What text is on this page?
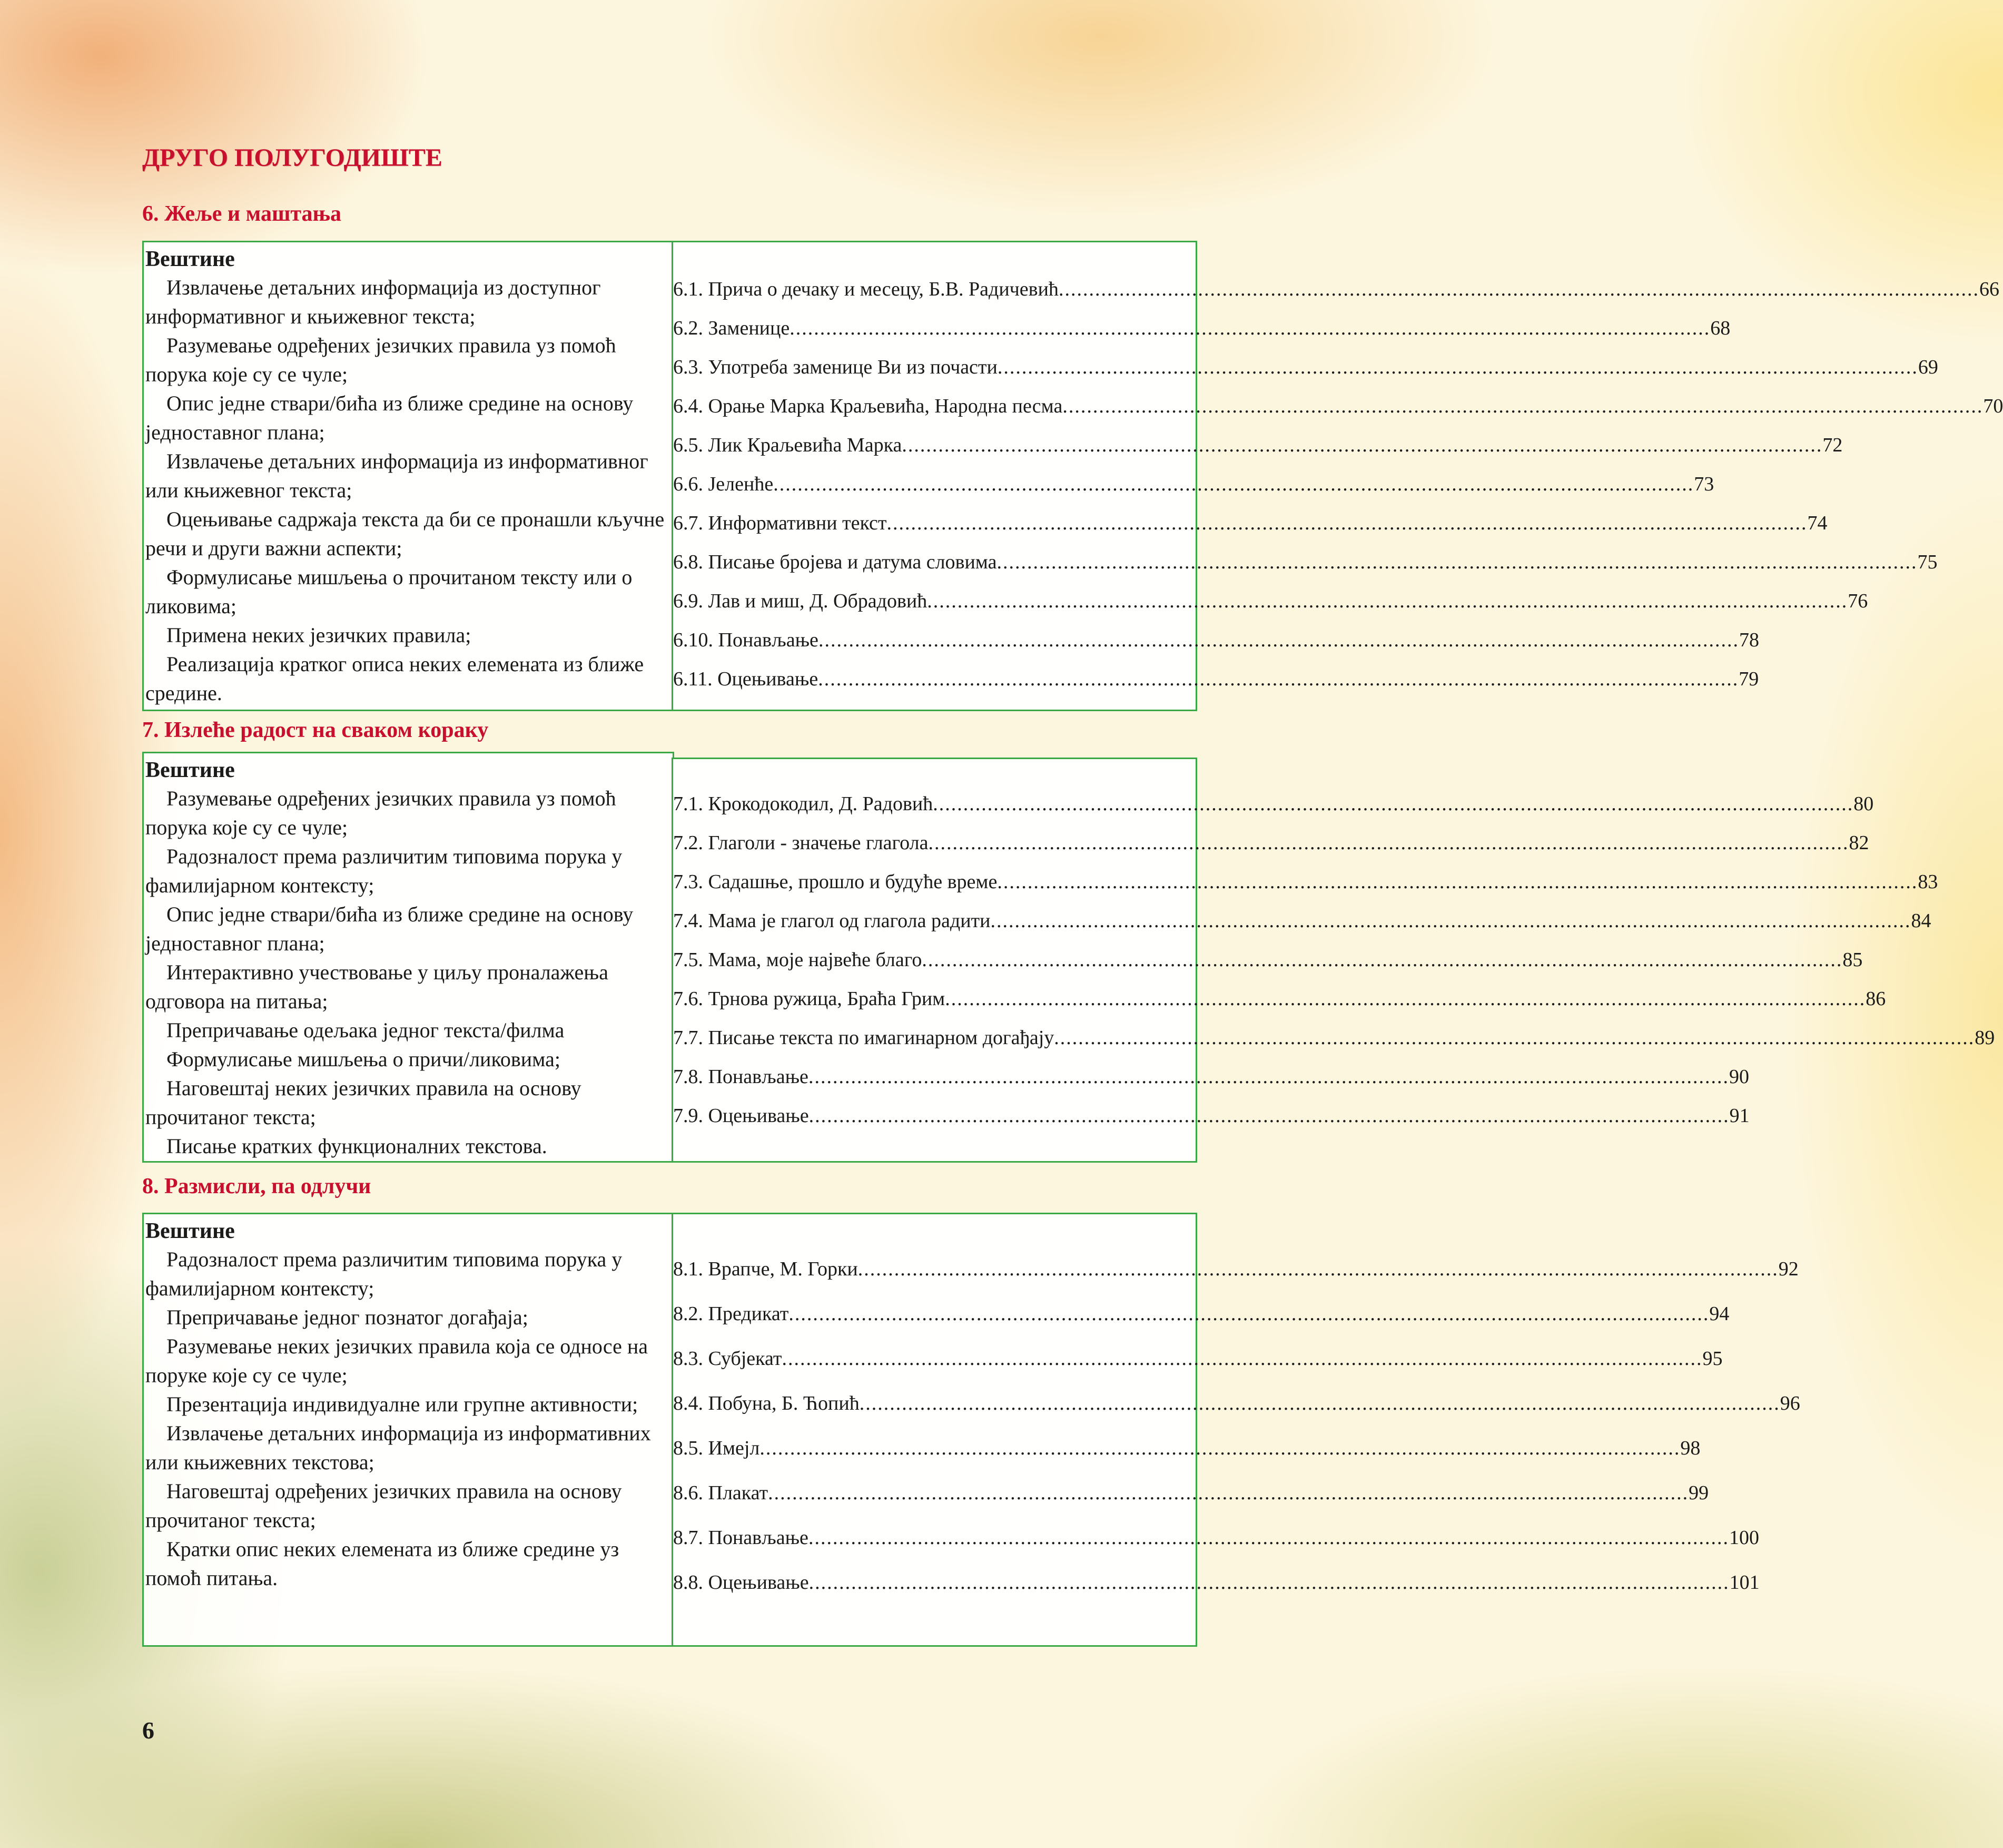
ДРУГО ПОЛУГОДИШТЕ
6. Жеље и маштања
Вештине
Извлачење детаљних информација из доступног информативног и књижевног текста;
Разумевање одређених језичких правила уз помоћ порука које су се чуле;
Опис једне ствари/бића из ближе средине на основу једноставног плана;
Извлачење детаљних информација из информативног или књижевног текста;
Оцењивање садржаја текста да би се пронашли кључне речи и други важни аспекти;
Формулисање мишљења о прочитаном тексту или о ликовима;
Примена неких језичких правила;
Реализација кратког описа неких елемената из ближе средине.
6.1. Прича о дечаку и месецу, Б.В. Радичевић .....	66
6.2. Заменице .....	68
6.3. Употреба заменице Ви из почасти .....	69
6.4. Орање Марка Краљевића, Народна песма .....	70
6.5. Лик Краљевића Марка .....	72
6.6. Јеленће .....	73
6.7. Информативни текст .....	74
6.8. Писање бројева и датума словима .....	75
6.9. Лав и миш, Д. Обрадовић .....	76
6.10. Понављање .....	78
6.11. Оцењивање .....	79
7. Излеће радост на сваком кораку
Вештине
Разумевање одређених језичких правила уз помоћ порука које су се чуле;
Радозналост према различитим типовима порука у фамилијарном контексту;
Опис једне ствари/бића из ближе средине на основу једноставног плана;
Интерактивно учествовање у циљу проналажења одговора на питања;
Препричавање одељака једног текста/филма
Формулисање мишљења о причи/ликовима;
Наговештај неких језичких правила на основу прочитаног текста;
Писање кратких функционалних текстова.
7.1. Крокодокодил, Д. Радовић .....	80
7.2. Глаголи - значење глагола .....	82
7.3. Садашње, прошло и будуће време .....	83
7.4. Мама је глагол од глагола радити .....	84
7.5. Мама, моје највеће благо .....	85
7.6. Трнова ружица, Браћа Грим .....	86
7.7. Писање текста по имагинарном догађају .....	89
7.8. Понављање .....	90
7.9. Оцењивање .....	91
8. Размисли, па одлучи
Вештине
Радозналост према различитим типовима порука у фамилијарном контексту;
Препричавање једног познатог догађаја;
Разумевање неких језичких правила која се односе на поруке које су се чуле;
Презентација индивидуалне или групне активности;
Извлачење детаљних информација из информативних или књижевних текстова;
Наговештај одређених језичких правила на основу прочитаног текста;
Кратки опис неких елемената из ближе средине уз помоћ питања.
8.1. Врапче, М. Горки .....	92
8.2. Предикат .....	94
8.3. Субјекат .....	95
8.4. Побуна, Б. Ћопић .....	96
8.5. Имејл .....	98
8.6. Плакат .....	99
8.7. Понављање .....	100
8.8. Оцењивање .....	101
6
